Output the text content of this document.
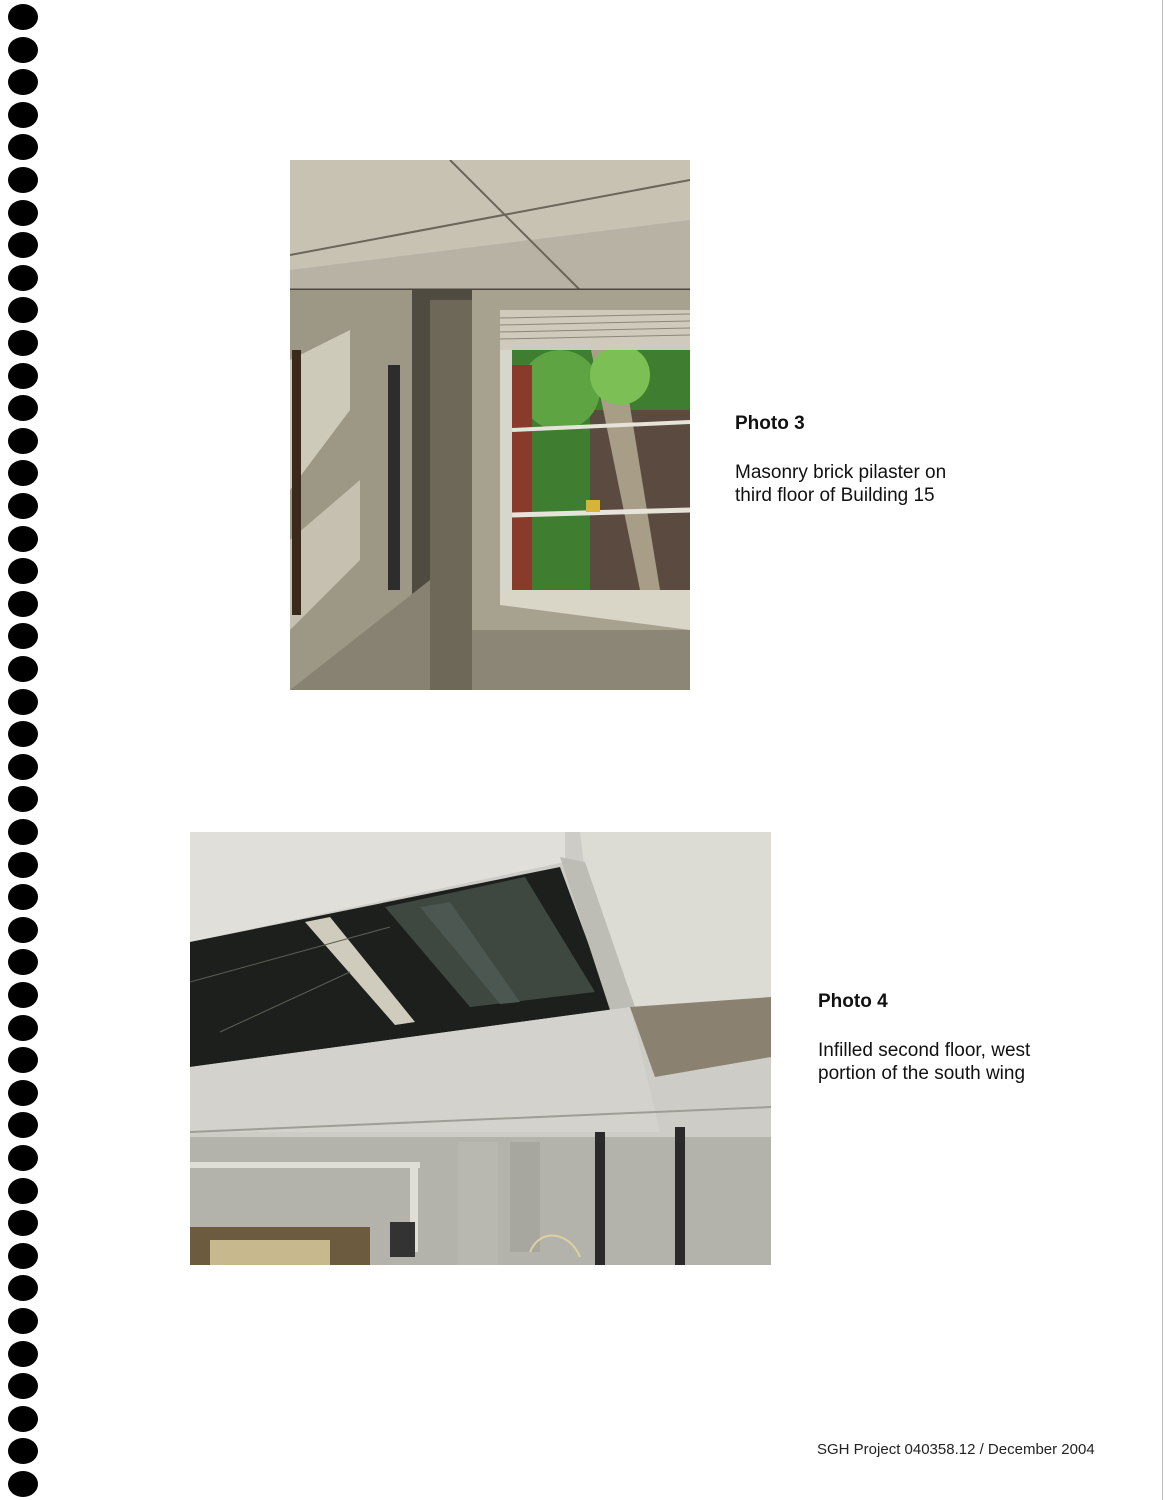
Photo 3

Masonry brick pilaster on
third floor of Building 15

Photo 4

Infilled second floor, west
portion of the south wing

SGH Project 040358.12 / December 2004
